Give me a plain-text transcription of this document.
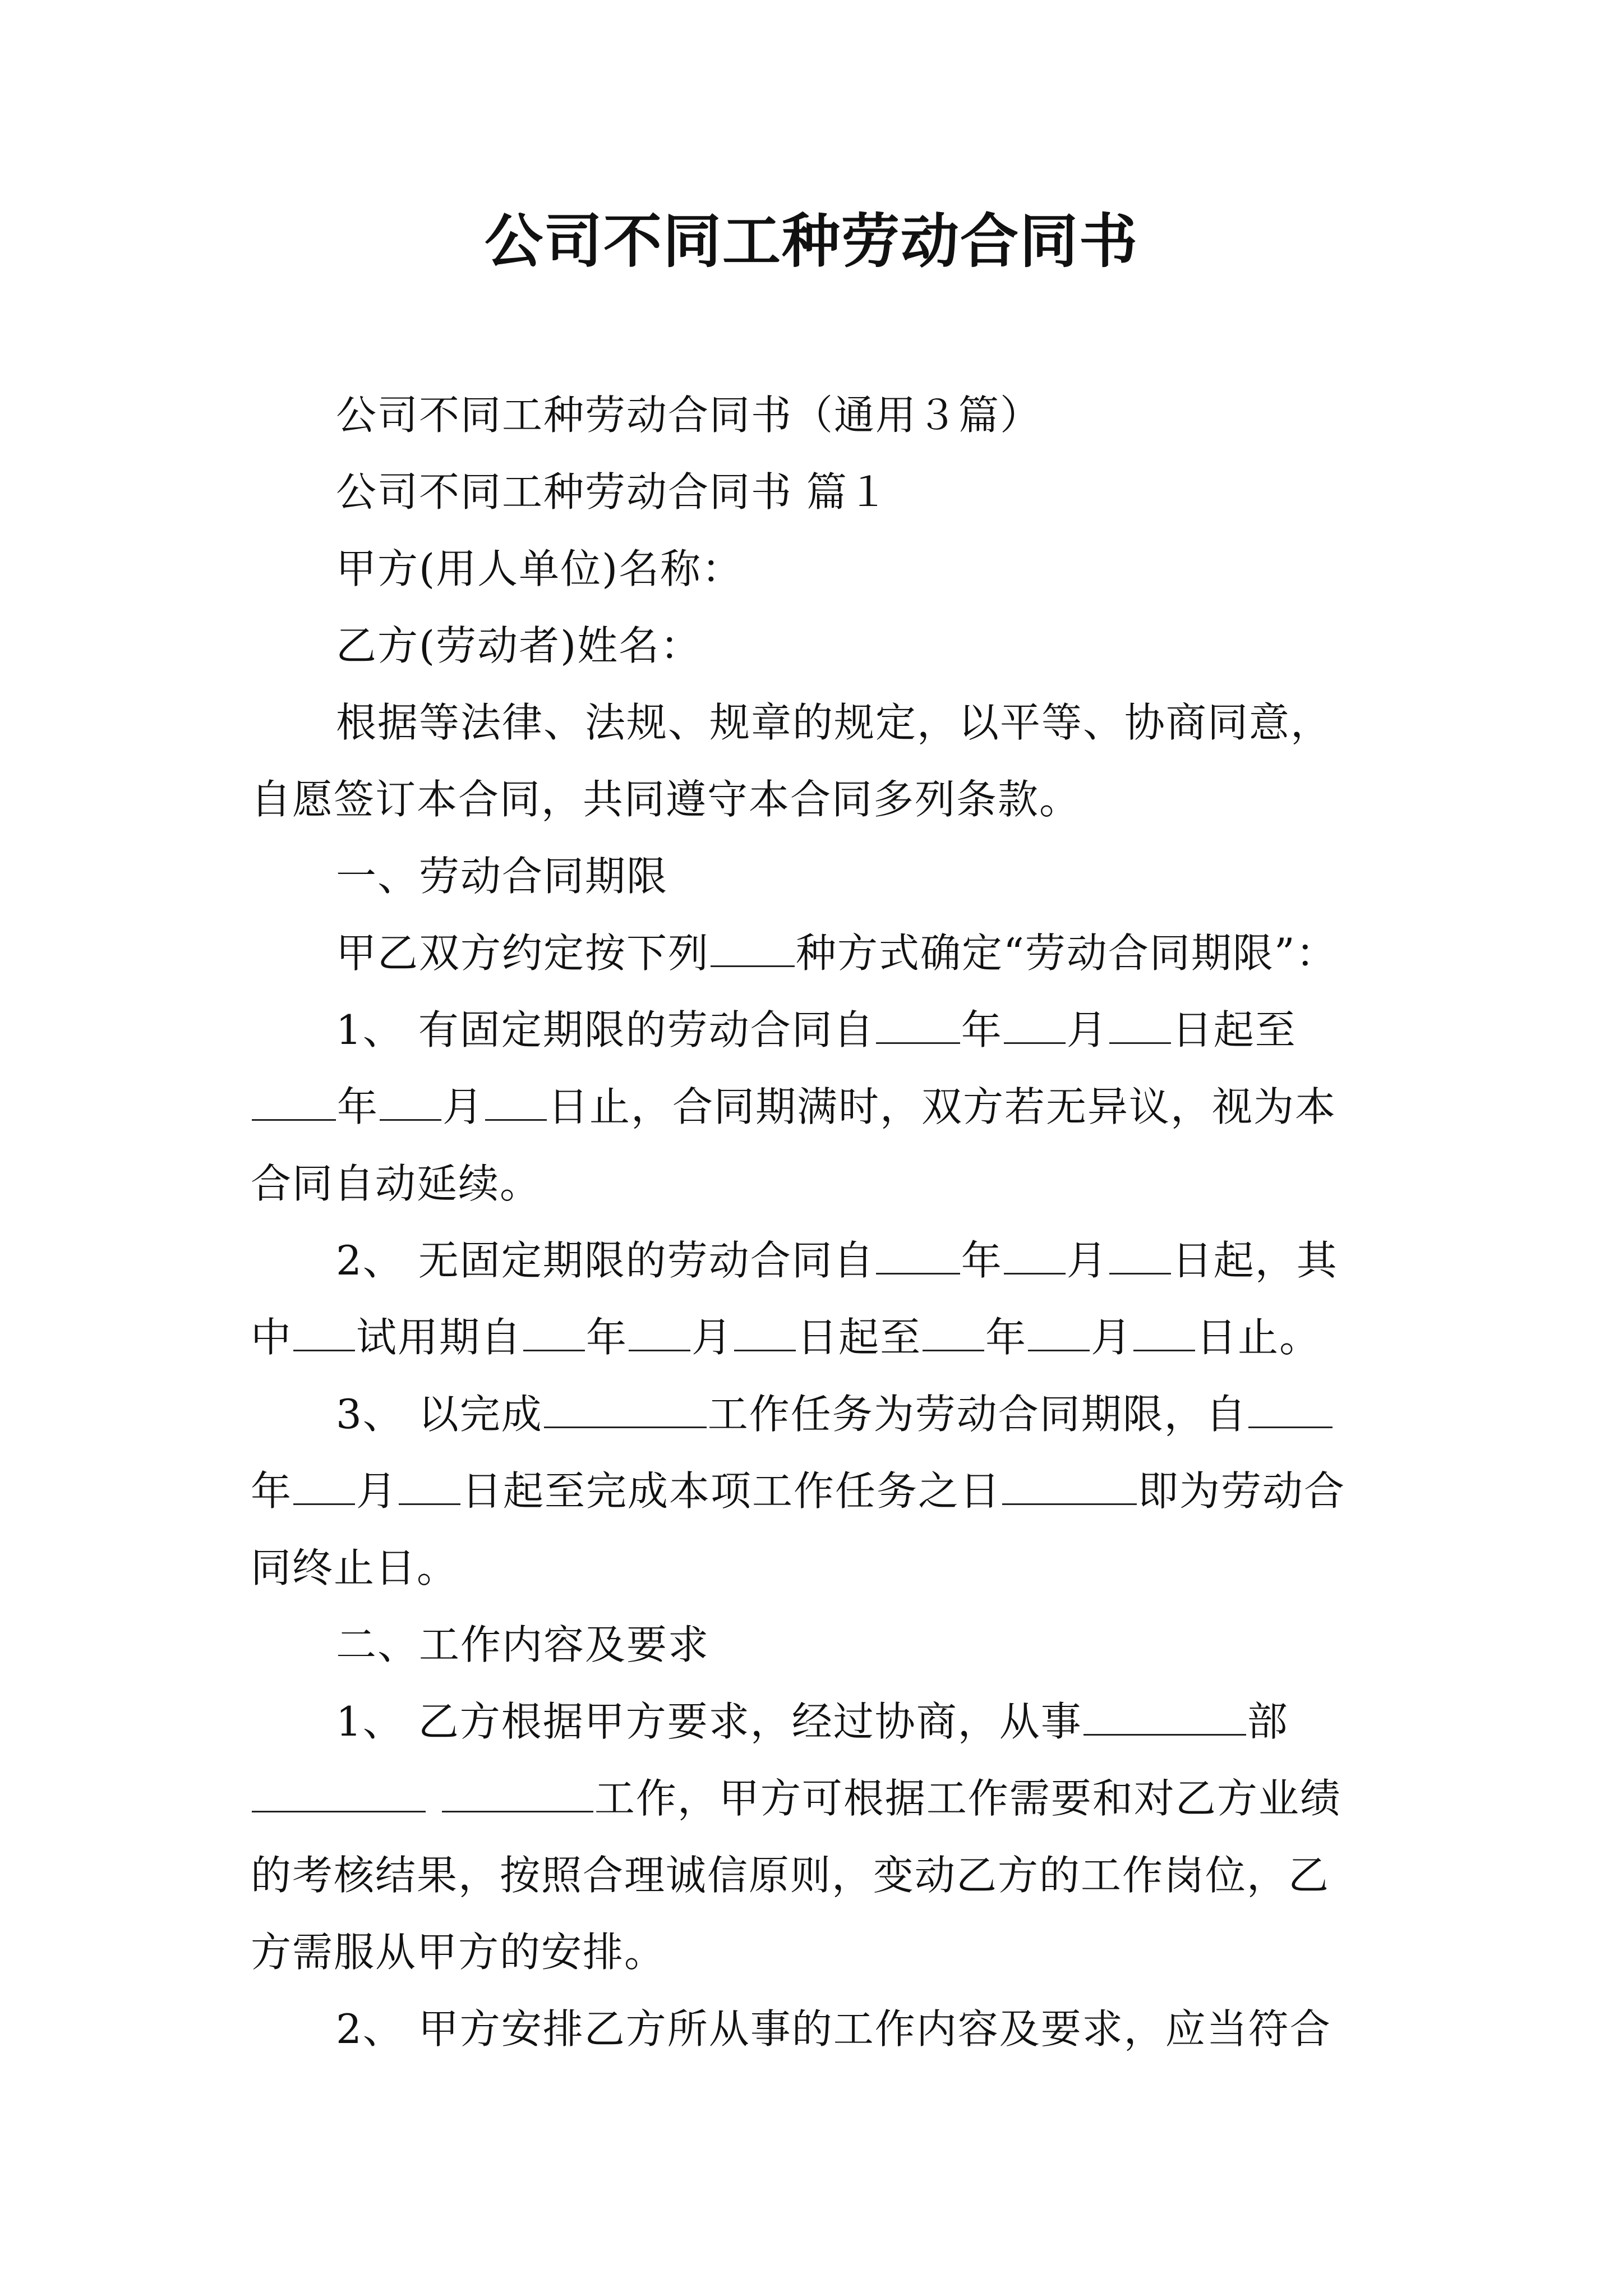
公司不同工种劳动合同书
公司不同工种劳动合同书（通用３篇）
公司不同工种劳动合同书 篇１
甲方(用人单位)名称：
乙方(劳动者)姓名：
根据等法律、法规、规章的规定，以平等、协商同意，
自愿签订本合同，共同遵守本合同多列条款。
一、劳动合同期限
甲乙双方约定按下列 种方式确定“劳动合同期限”：
1、 有固定期限的劳动合同自 年 月 日起至
年 月 日止，合同期满时，双方若无异议，视为本
合同自动延续。
2、 无固定期限的劳动合同自 年 月 日起，其
中 试用期自 年 月 日起至 年 月 日止。
3、 以完成	工作任务为劳动合同期限，自
年 月 日起至完成本项工作任务之日	即为劳动合
同终止日。
二、工作内容及要求
1、 乙方根据甲方要求，经过协商，从事	部
工作，甲方可根据工作需要和对乙方业绩
的考核结果，按照合理诚信原则，变动乙方的工作岗位，乙
方需服从甲方的安排。
2、 甲方安排乙方所从事的工作内容及要求，应当符合
